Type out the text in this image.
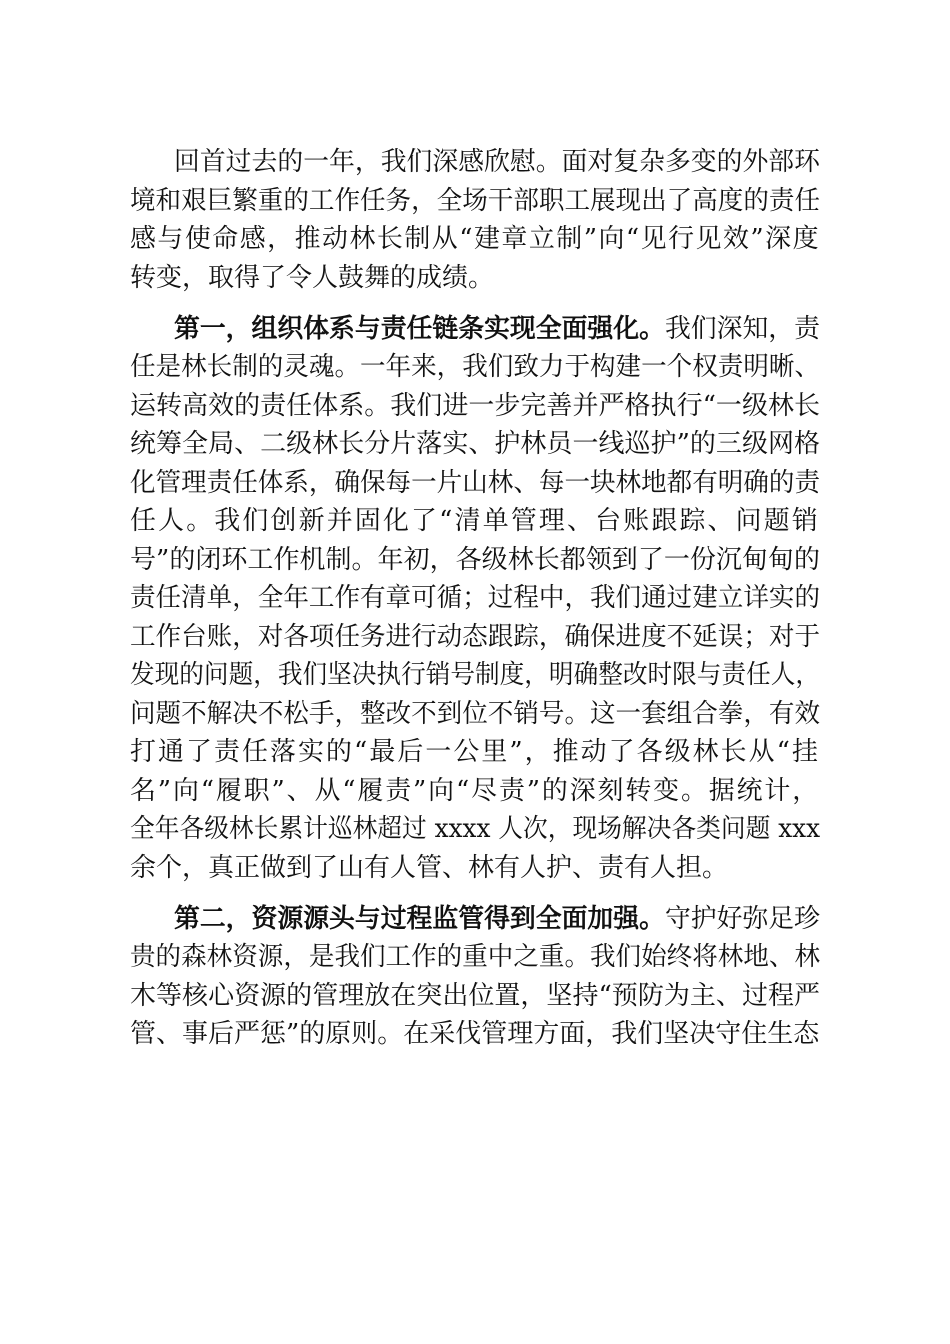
回首过去的一年，我们深感欣慰。面对复杂多变的外部环
境和艰巨繁重的工作任务，全场干部职工展现出了高度的责任
感与使命感，推动林长制从“建章立制”向“见行见效”深度
转变，取得了令人鼓舞的成绩。
第一，组织体系与责任链条实现全面强化。我们深知，责
任是林长制的灵魂。一年来，我们致力于构建一个权责明晰、
运转高效的责任体系。我们进一步完善并严格执行“一级林长
统筹全局、二级林长分片落实、护林员一线巡护”的三级网格
化管理责任体系，确保每一片山林、每一块林地都有明确的责
任人。我们创新并固化了“清单管理、台账跟踪、问题销
号”的闭环工作机制。年初，各级林长都领到了一份沉甸甸的
责任清单，全年工作有章可循；过程中，我们通过建立详实的
工作台账，对各项任务进行动态跟踪，确保进度不延误；对于
发现的问题，我们坚决执行销号制度，明确整改时限与责任人，
问题不解决不松手，整改不到位不销号。这一套组合拳，有效
打通了责任落实的“最后一公里”，推动了各级林长从“挂
名”向“履职”、从“履责”向“尽责”的深刻转变。据统计，
全年各级林长累计巡林超过 xxxx 人次，现场解决各类问题 xxx
余个，真正做到了山有人管、林有人护、责有人担。
第二，资源源头与过程监管得到全面加强。守护好弥足珍
贵的森林资源，是我们工作的重中之重。我们始终将林地、林
木等核心资源的管理放在突出位置，坚持“预防为主、过程严
管、事后严惩”的原则。在采伐管理方面，我们坚决守住生态
